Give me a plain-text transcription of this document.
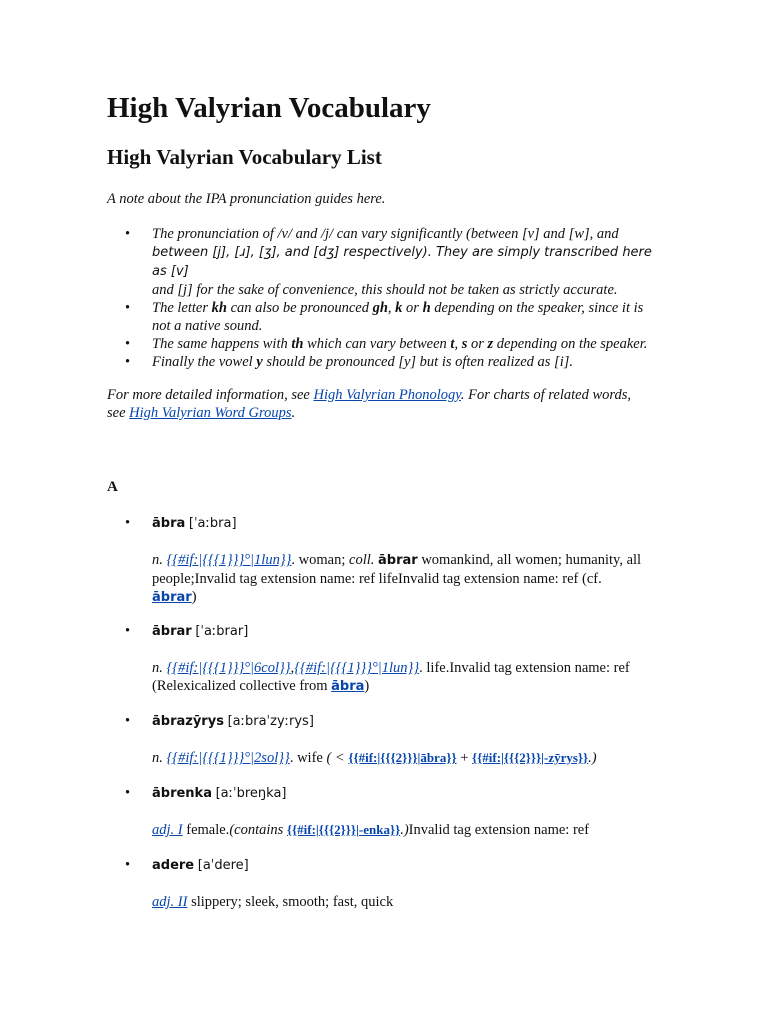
High Valyrian Vocabulary
High Valyrian Vocabulary List

A note about the IPA pronunciation guides here.

• The pronunciation of /v/ and /j/ can vary significantly (between [v] and [w], and
between [j], [ɹ], [ʒ], and [dʒ] respectively). They are simply transcribed here as [v]
and [j] for the sake of convenience, this should not be taken as strictly accurate.
• The letter kh can also be pronounced gh, k or h depending on the speaker, since it is not a native sound.
• The same happens with th which can vary between t, s or z depending on the speaker.
• Finally the vowel y should be pronounced [y] but is often realized as [i].

For more detailed information, see High Valyrian Phonology. For charts of related words,
see High Valyrian Word Groups.

A

• ābra [ˈaːbra]
n. {{#if:|{{{1}}}°|1lun}}. woman; coll. ābrar womankind, all women; humanity, all
people;Invalid tag extension name: ref lifeInvalid tag extension name: ref (cf.
ābrar)
• ābrar [ˈaːbrar]
n. {{#if:|{{{1}}}°|6col}},{{#if:|{{{1}}}°|1lun}}. life.Invalid tag extension name: ref
(Relexicalized collective from ābra)
• ābrazȳrys [aːbraˈzyːrys]
n. {{#if:|{{{1}}}°|2sol}}. wife ( < {{#if:|{{{2}}}|ābra}} + {{#if:|{{{2}}}|-zȳrys}}.)
• ābrenka [aːˈbreŋka]
adj. I female.(contains {{#if:|{{{2}}}|-enka}}.)Invalid tag extension name: ref
• adere [aˈdere]
adj. II slippery; sleek, smooth; fast, quick
